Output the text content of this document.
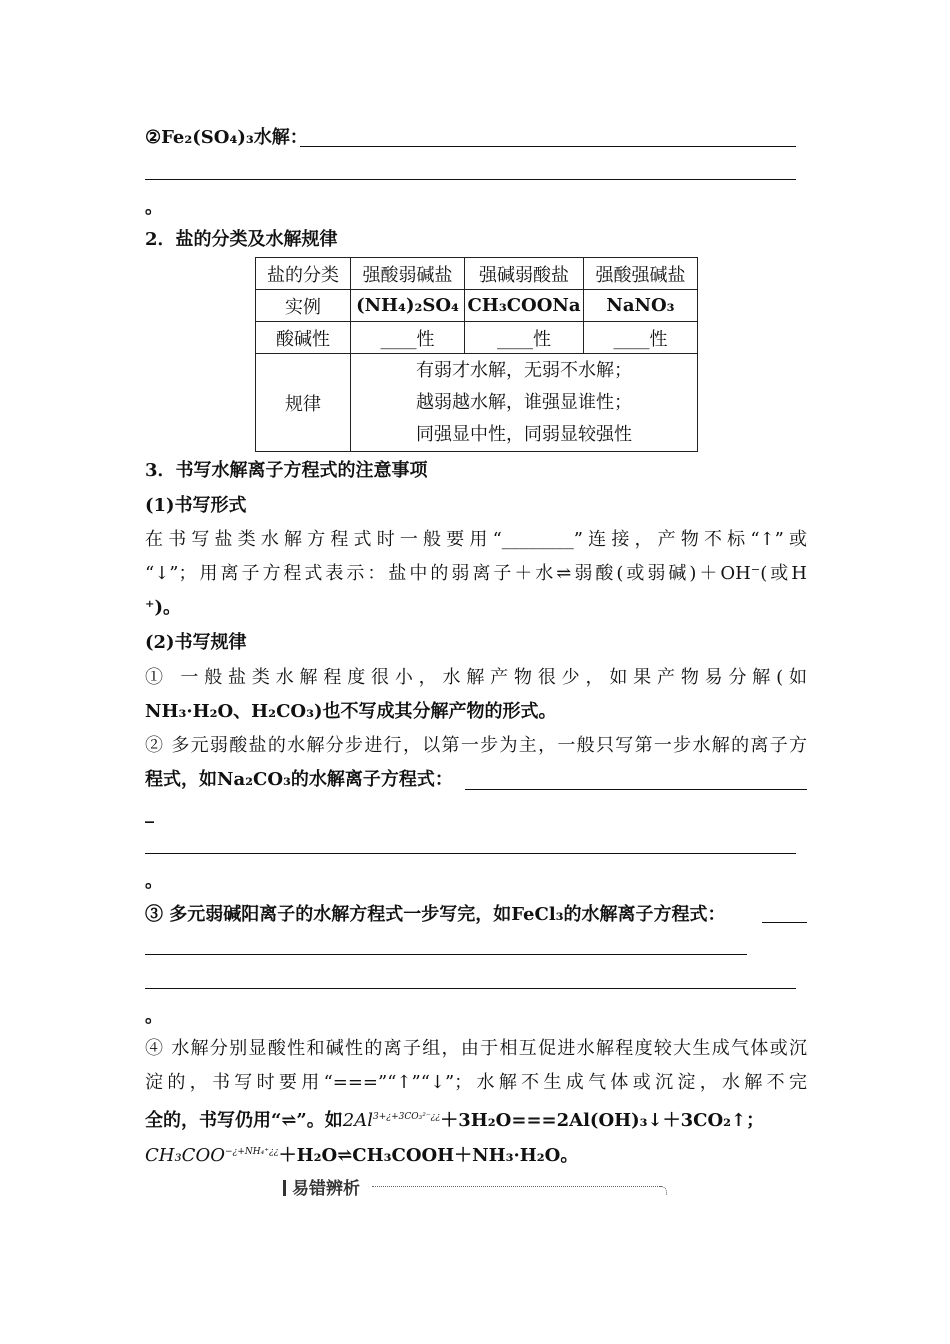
②Fe₂(SO₄)₃水解：
。
2．盐的分类及水解规律
盐的分类	强酸弱碱盐	强碱弱酸盐	强酸强碱盐
实例	(NH₄)₂SO₄	CH₃COONa	NaNO₃
酸碱性	____性	____性	____性
规律	有弱才水解，无弱不水解；
越弱越水解，谁强显谁性；
同强显中性，同弱显较强性		
3．书写水解离子方程式的注意事项
(1)书写形式
在书写盐类水解方程式时一般要用“________”连接，产物不标“↑”或
“↓”；用离子方程式表示：盐中的弱离子＋水⇌弱酸(或弱碱)＋OH⁻(或H
⁺)。
(2)书写规律
① 一般盐类水解程度很小，水解产物很少，如果产物易分解(如
NH₃·H₂O、H₂CO₃)也不写成其分解产物的形式。
② 多元弱酸盐的水解分步进行，以第一步为主，一般只写第一步水解的离子方
程式，如Na₂CO₃的水解离子方程式：
_
。
③ 多元弱碱阳离子的水解方程式一步写完，如FeCl₃的水解离子方程式：
。
④ 水解分别显酸性和碱性的离子组，由于相互促进水解程度较大生成气体或沉
淀的，书写时要用“===”“↑”“↓”；水解不生成气体或沉淀，水解不完
全的，书写仍用“⇌”。如$2Al^{3+¿+3CO_3^{2-}¿¿}+3H_2O===2Al(OH)_3↓+3CO_2↑$；
$CH_3COO^{-¿+NH_4^+¿¿}+H_2O\rightleftharpoons CH_3COOH+NH_3\cdot H_2O$。
易错辨析
